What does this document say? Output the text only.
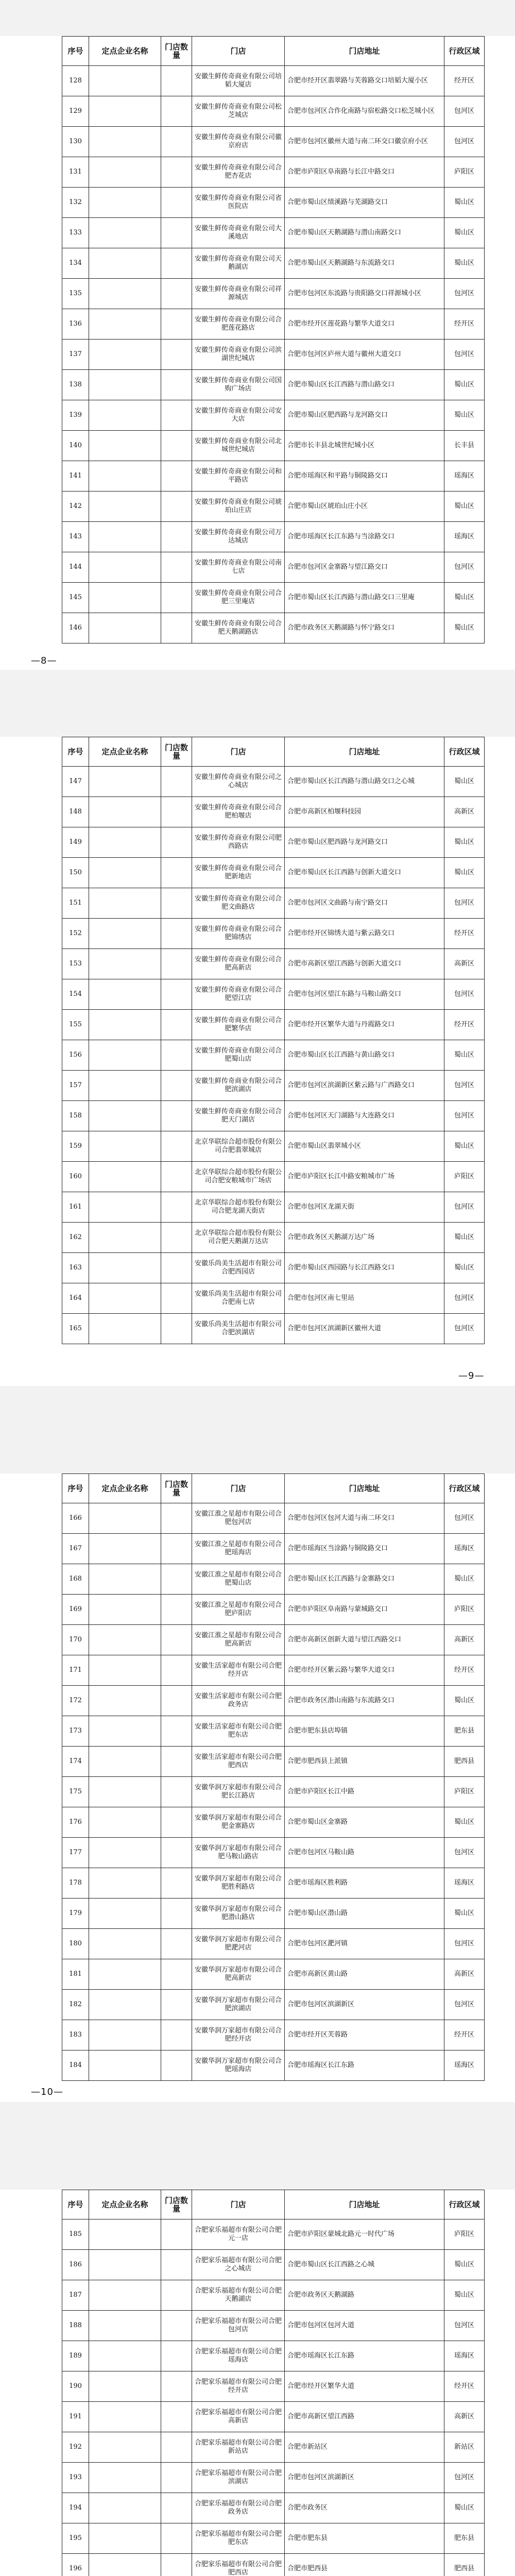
序号	定点企业名称	门店数量	门店	门店地址	行政区域
128			安徽生鲜传奇商业有限公司培韬大厦店	合肥市经开区翡翠路与芙蓉路交口培韬大厦小区	经开区
129			安徽生鲜传奇商业有限公司松芝城店	合肥市包河区合作化南路与宿松路交口松芝城小区	包河区
130			安徽生鲜传奇商业有限公司徽京府店	合肥市包河区徽州大道与南二环交口徽京府小区	包河区
131			安徽生鲜传奇商业有限公司合肥杏花店	合肥市庐阳区阜南路与长江中路交口	庐阳区
132			安徽生鲜传奇商业有限公司省医院店	合肥市蜀山区绩溪路与芜湖路交口	蜀山区
133			安徽生鲜传奇商业有限公司大溪地店	合肥市蜀山区天鹅湖路与潜山南路交口	蜀山区
134			安徽生鲜传奇商业有限公司天鹅湖店	合肥市蜀山区天鹅湖路与东流路交口	蜀山区
135			安徽生鲜传奇商业有限公司祥源城店	合肥市包河区东流路与贵阳路交口祥源城小区	包河区
136			安徽生鲜传奇商业有限公司合肥莲花路店	合肥市经开区莲花路与繁华大道交口	经开区
137			安徽生鲜传奇商业有限公司滨湖世纪城店	合肥市包河区庐州大道与徽州大道交口	包河区
138			安徽生鲜传奇商业有限公司国购广场店	合肥市蜀山区长江西路与潜山路交口	蜀山区
139			安徽生鲜传奇商业有限公司安大店	合肥市蜀山区肥西路与龙河路交口	蜀山区
140			安徽生鲜传奇商业有限公司北城世纪城店	合肥市长丰县北城世纪城小区	长丰县
141			安徽生鲜传奇商业有限公司和平路店	合肥市瑶海区和平路与铜陵路交口	瑶海区
142			安徽生鲜传奇商业有限公司琥珀山庄店	合肥市蜀山区琥珀山庄小区	蜀山区
143			安徽生鲜传奇商业有限公司万达城店	合肥市瑶海区长江东路与当涂路交口	瑶海区
144			安徽生鲜传奇商业有限公司南七店	合肥市包河区金寨路与望江路交口	包河区
145			安徽生鲜传奇商业有限公司合肥三里庵店	合肥市蜀山区长江西路与潜山路交口三里庵	蜀山区
146			安徽生鲜传奇商业有限公司合肥天鹅湖路店	合肥市政务区天鹅湖路与怀宁路交口	蜀山区
—8—
序号	定点企业名称	门店数量	门店	门店地址	行政区域
147			安徽生鲜传奇商业有限公司之心城店	合肥市蜀山区长江西路与潜山路交口之心城	蜀山区
148			安徽生鲜传奇商业有限公司合肥柏堰店	合肥市高新区柏堰科技园	高新区
149			安徽生鲜传奇商业有限公司肥西路店	合肥市蜀山区肥西路与龙河路交口	蜀山区
150			安徽生鲜传奇商业有限公司合肥新地店	合肥市蜀山区长江西路与创新大道交口	蜀山区
151			安徽生鲜传奇商业有限公司合肥文曲路店	合肥市包河区文曲路与南宁路交口	包河区
152			安徽生鲜传奇商业有限公司合肥锦绣店	合肥市经开区锦绣大道与紫云路交口	经开区
153			安徽生鲜传奇商业有限公司合肥高新店	合肥市高新区望江西路与创新大道交口	高新区
154			安徽生鲜传奇商业有限公司合肥望江店	合肥市包河区望江东路与马鞍山路交口	包河区
155			安徽生鲜传奇商业有限公司合肥繁华店	合肥市经开区繁华大道与丹霞路交口	经开区
156			安徽生鲜传奇商业有限公司合肥蜀山店	合肥市蜀山区长江西路与黄山路交口	蜀山区
157			安徽生鲜传奇商业有限公司合肥滨湖店	合肥市包河区滨湖新区紫云路与广西路交口	包河区
158			安徽生鲜传奇商业有限公司合肥天门湖店	合肥市包河区天门湖路与大连路交口	包河区
159			北京华联综合超市股份有限公司合肥翡翠城店	合肥市蜀山区翡翠城小区	蜀山区
160			北京华联综合超市股份有限公司合肥安粮城市广场店	合肥市庐阳区长江中路安粮城市广场	庐阳区
161			北京华联综合超市股份有限公司合肥龙湖天街店	合肥市包河区龙湖天街	包河区
162			北京华联综合超市股份有限公司合肥天鹅湖万达店	合肥市政务区天鹅湖万达广场	蜀山区
163			安徽乐尚美生活超市有限公司合肥西园店	合肥市蜀山区西园路与长江西路交口	蜀山区
164			安徽乐尚美生活超市有限公司合肥南七店	合肥市包河区南七里站	包河区
165			安徽乐尚美生活超市有限公司合肥滨湖店	合肥市包河区滨湖新区徽州大道	包河区
—9—
序号	定点企业名称	门店数量	门店	门店地址	行政区域
166			安徽江淮之星超市有限公司合肥包河店	合肥市包河区包河大道与南二环交口	包河区
167			安徽江淮之星超市有限公司合肥瑶海店	合肥市瑶海区当涂路与铜陵路交口	瑶海区
168			安徽江淮之星超市有限公司合肥蜀山店	合肥市蜀山区长江西路与金寨路交口	蜀山区
169			安徽江淮之星超市有限公司合肥庐阳店	合肥市庐阳区阜南路与蒙城路交口	庐阳区
170			安徽江淮之星超市有限公司合肥高新店	合肥市高新区创新大道与望江西路交口	高新区
171			安徽生活家超市有限公司合肥经开店	合肥市经开区紫云路与繁华大道交口	经开区
172			安徽生活家超市有限公司合肥政务店	合肥市政务区潜山南路与东流路交口	蜀山区
173			安徽生活家超市有限公司合肥肥东店	合肥市肥东县店埠镇	肥东县
174			安徽生活家超市有限公司合肥肥西店	合肥市肥西县上派镇	肥西县
175			安徽华润万家超市有限公司合肥长江路店	合肥市庐阳区长江中路	庐阳区
176			安徽华润万家超市有限公司合肥金寨路店	合肥市蜀山区金寨路	蜀山区
177			安徽华润万家超市有限公司合肥马鞍山路店	合肥市包河区马鞍山路	包河区
178			安徽华润万家超市有限公司合肥胜利路店	合肥市瑶海区胜利路	瑶海区
179			安徽华润万家超市有限公司合肥潜山路店	合肥市蜀山区潜山路	蜀山区
180			安徽华润万家超市有限公司合肥淝河店	合肥市包河区淝河镇	包河区
181			安徽华润万家超市有限公司合肥高新店	合肥市高新区黄山路	高新区
182			安徽华润万家超市有限公司合肥滨湖店	合肥市包河区滨湖新区	包河区
183			安徽华润万家超市有限公司合肥经开店	合肥市经开区芙蓉路	经开区
184			安徽华润万家超市有限公司合肥瑶海店	合肥市瑶海区长江东路	瑶海区
—10—
序号	定点企业名称	门店数量	门店	门店地址	行政区域
185			合肥家乐福超市有限公司合肥元一店	合肥市庐阳区蒙城北路元一时代广场	庐阳区
186			合肥家乐福超市有限公司合肥之心城店	合肥市蜀山区长江西路之心城	蜀山区
187			合肥家乐福超市有限公司合肥天鹅湖店	合肥市政务区天鹅湖路	蜀山区
188			合肥家乐福超市有限公司合肥包河店	合肥市包河区包河大道	包河区
189			合肥家乐福超市有限公司合肥瑶海店	合肥市瑶海区长江东路	瑶海区
190			合肥家乐福超市有限公司合肥经开店	合肥市经开区繁华大道	经开区
191			合肥家乐福超市有限公司合肥高新店	合肥市高新区望江西路	高新区
192			合肥家乐福超市有限公司合肥新站店	合肥市新站区	新站区
193			合肥家乐福超市有限公司合肥滨湖店	合肥市包河区滨湖新区	包河区
194			合肥家乐福超市有限公司合肥政务店	合肥市政务区	蜀山区
195			合肥家乐福超市有限公司合肥肥东店	合肥市肥东县	肥东县
196			合肥家乐福超市有限公司合肥肥西店	合肥市肥西县	肥西县
